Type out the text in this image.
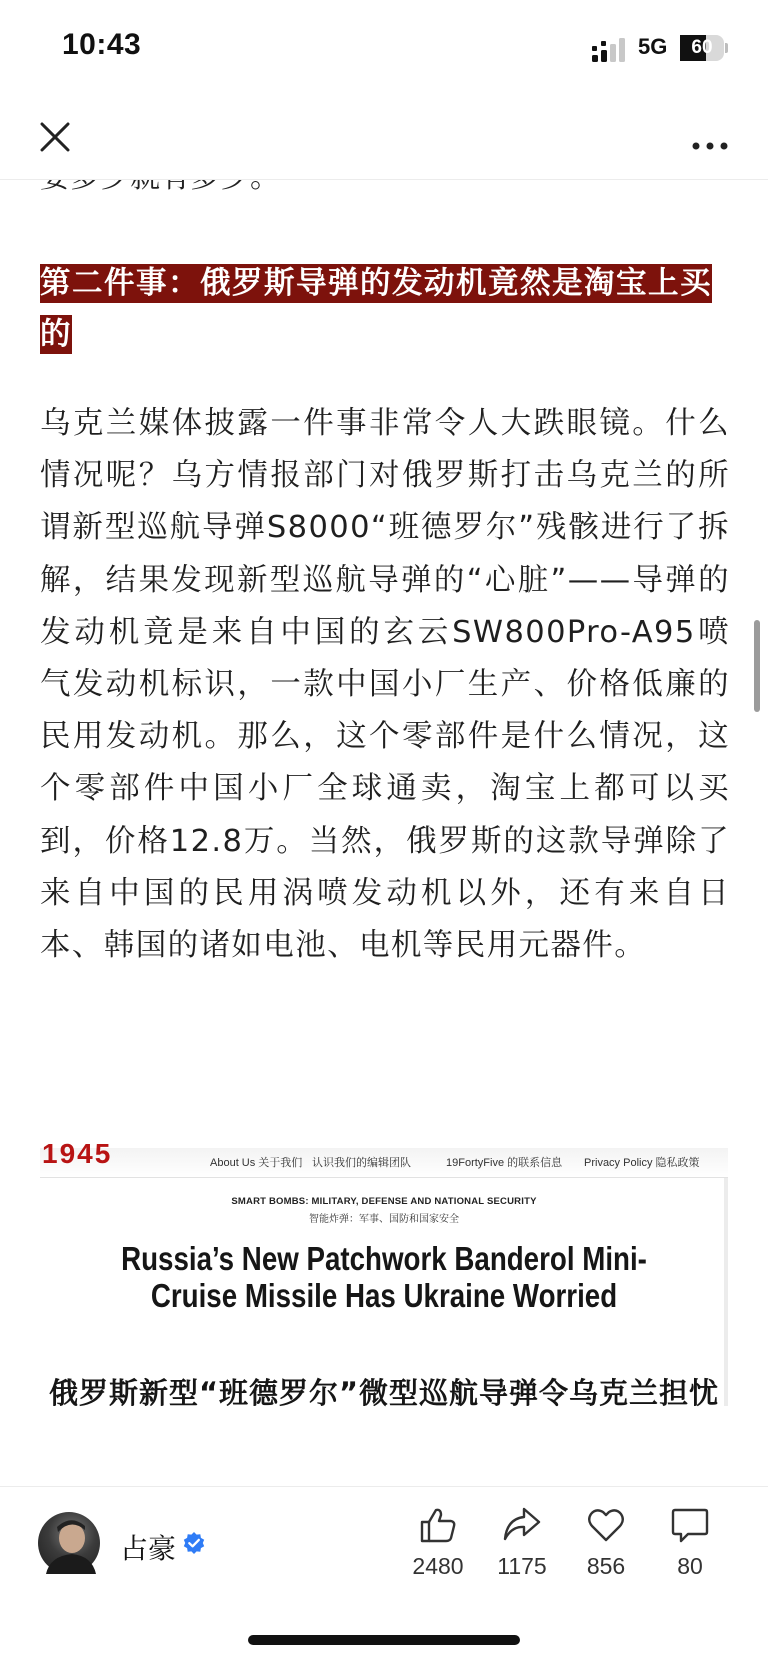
10:43	5G	60
第二件事：俄罗斯导弹的发动机竟然是淘宝上买的
乌克兰媒体披露一件事非常令人大跌眼镜。什么情况呢？乌方情报部门对俄罗斯打击乌克兰的所谓新型巡航导弹S8000“班德罗尔”残骸进行了拆解，结果发现新型巡航导弹的“心脏”——导弹的发动机竟是来自中国的玄云SW800Pro-A95喷气发动机标识，一款中国小厂生产、价格低廉的民用发动机。那么，这个零部件是什么情况，这个零部件中国小厂全球通卖，淘宝上都可以买到，价格12.8万。当然，俄罗斯的这款导弹除了来自中国的民用涡喷发动机以外，还有来自日本、韩国的诸如电池、电机等民用元器件。
1945	About Us 关于我们 认识我们的编辑团队	19FortyFive 的联系信息 Privacy Policy 隐私政策
SMART BOMBS: MILITARY, DEFENSE AND NATIONAL SECURITY
智能炸弹：军事、国防和国家安全
Russia’s New Patchwork Banderol Mini-Cruise Missile Has Ukraine Worried
俄罗斯新型“班德罗尔”微型巡航导弹令乌克兰担忧
占豪
2480	1175	856	80
